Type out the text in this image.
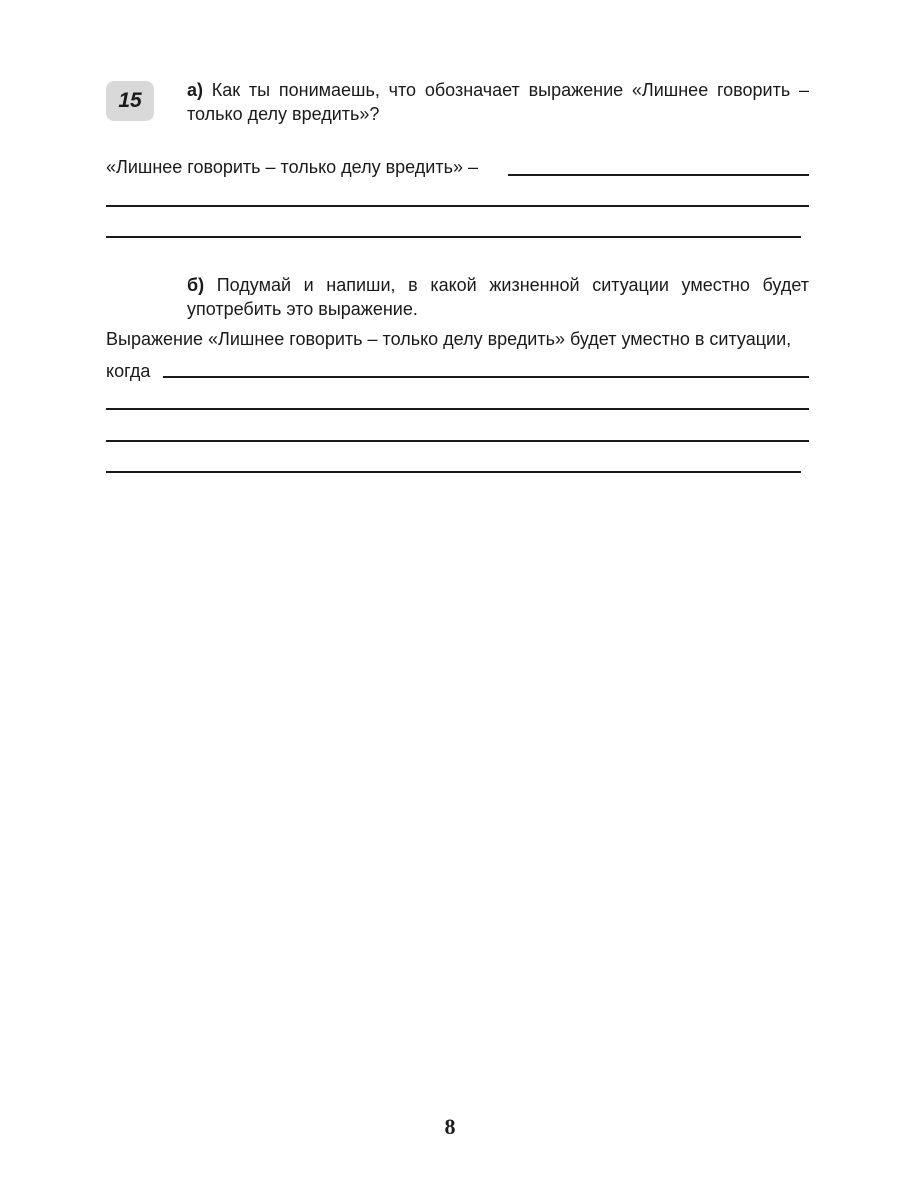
15	а) Как ты понимаешь, что обозначает выражение «Лишнее говорить – только делу вредить»?
«Лишнее говорить – только делу вредить» –
б) Подумай и напиши, в какой жизненной ситуации уместно будет употребить это выражение.
Выражение «Лишнее говорить – только делу вредить» будет уместно в ситуации,
когда
8
